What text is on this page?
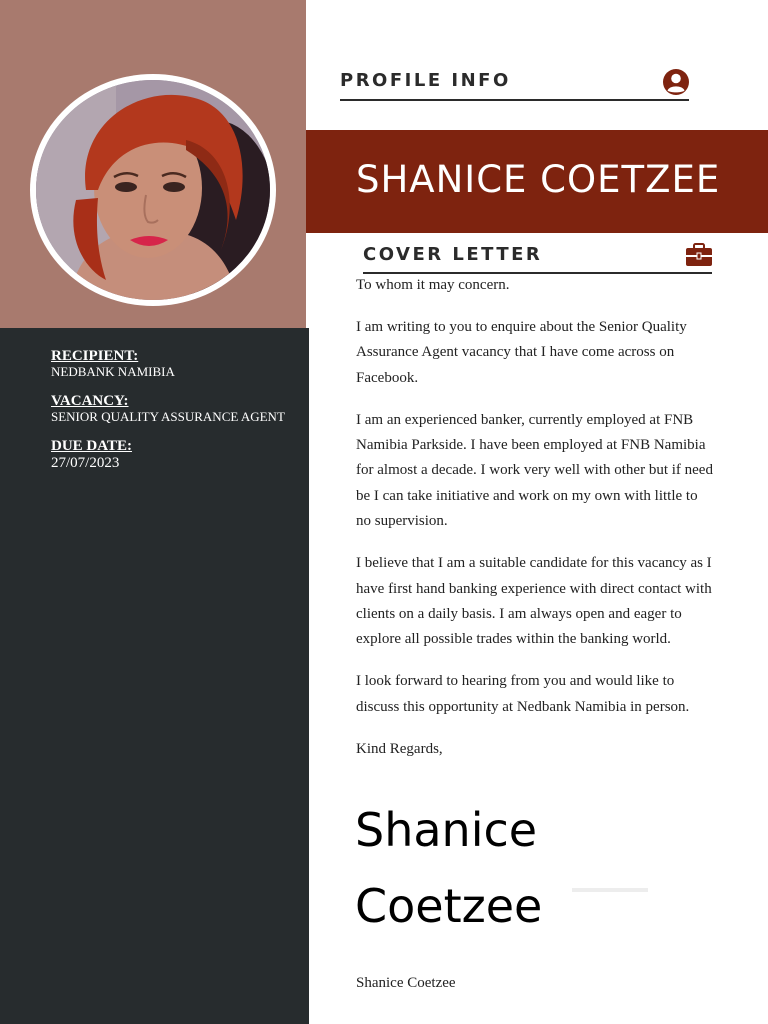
RECIPIENT:
NEDBANK NAMIBIA
VACANCY:
SENIOR QUALITY ASSURANCE AGENT
DUE DATE:
27/07/2023
PROFILE INFO
SHANICE COETZEE
COVER LETTER

To whom it may concern.

I am writing to you to enquire about the Senior Quality Assurance Agent vacancy that I have come across on Facebook.

I am an experienced banker, currently employed at FNB Namibia Parkside. I have been employed at FNB Namibia for almost a decade. I work very well with other but if need be I can take initiative and work on my own with little to no supervision.

I believe that I am a suitable candidate for this vacancy as I have first hand banking experience with direct contact with clients on a daily basis. I am always open and eager to explore all possible trades within the banking world.

I look forward to hearing from you and would like to discuss this opportunity at Nedbank Namibia in person.

Kind Regards,

Shanice
Coetzee
Shanice Coetzee
